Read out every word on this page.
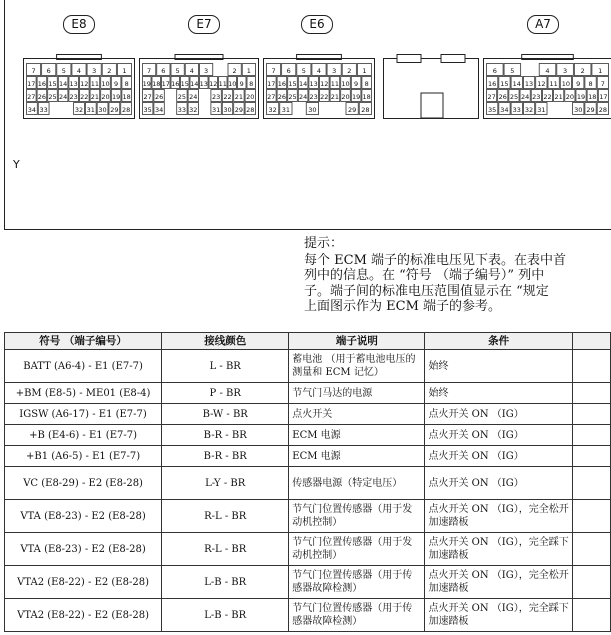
E8	E7	E6	A7
7 6 5 4 3 2 1
17 16 15 14 13 12 11 10 9 8
27 26 25 24 23 22 21 20 19 18
34 33	32 31 30 29 28
7 6 5 4 3	2 1
19 18 17 16 15 14 13 12 11 10 9 8
27 26 25 24 23 22 21 20
35 34 33 32 31 30 29 28
7 6 5 4 3 2 1
17 16 15 14 13 12 11 10 9 8
27 26 25 24 23 22 21 20 19 18
32 31	30	29 28
6 5	4 3 2 1
16 15 14 13 12 11 10 9 8 7
27 26 25 24 23 22 21 20 19 18 17
35 34 33 32 31	30 29 28
Y
提示：
每个 ECM 端子的标准电压见下表。在表中首
列中的信息。在 “符号 （端子编号）” 列中
子。端子间的标准电压范围值显示在 “规定
上面图示作为 ECM 端子的参考。
符号 （端子编号）	接线颜色	端子说明	条件	
BATT (A6-4) - E1 (E7-7)	L - BR	蓄电池 （用于蓄电池电压的测量和 ECM 记忆）	始终	
+BM (E8-5) - ME01 (E8-4)	P - BR	节气门马达的电源	始终	
IGSW (A6-17) - E1 (E7-7)	B-W - BR	点火开关	点火开关 ON （IG）	
+B (E4-6) - E1 (E7-7)	B-R - BR	ECM 电源	点火开关 ON （IG）	
+B1 (A6-5) - E1 (E7-7)	B-R - BR	ECM 电源	点火开关 ON （IG）	
VC (E8-29) - E2 (E8-28)	L-Y - BR	传感器电源（特定电压）	点火开关 ON （IG）	
VTA (E8-23) - E2 (E8-28)	R-L - BR	节气门位置传感器（用于发动机控制）	点火开关 ON （IG），完全松开加速踏板	
VTA (E8-23) - E2 (E8-28)	R-L - BR	节气门位置传感器（用于发动机控制）	点火开关 ON （IG），完全踩下加速踏板	
VTA2 (E8-22) - E2 (E8-28)	L-B - BR	节气门位置传感器（用于传感器故障检测）	点火开关 ON （IG），完全松开加速踏板	
VTA2 (E8-22) - E2 (E8-28)	L-B - BR	节气门位置传感器（用于传感器故障检测）	点火开关 ON （IG），完全踩下加速踏板	
